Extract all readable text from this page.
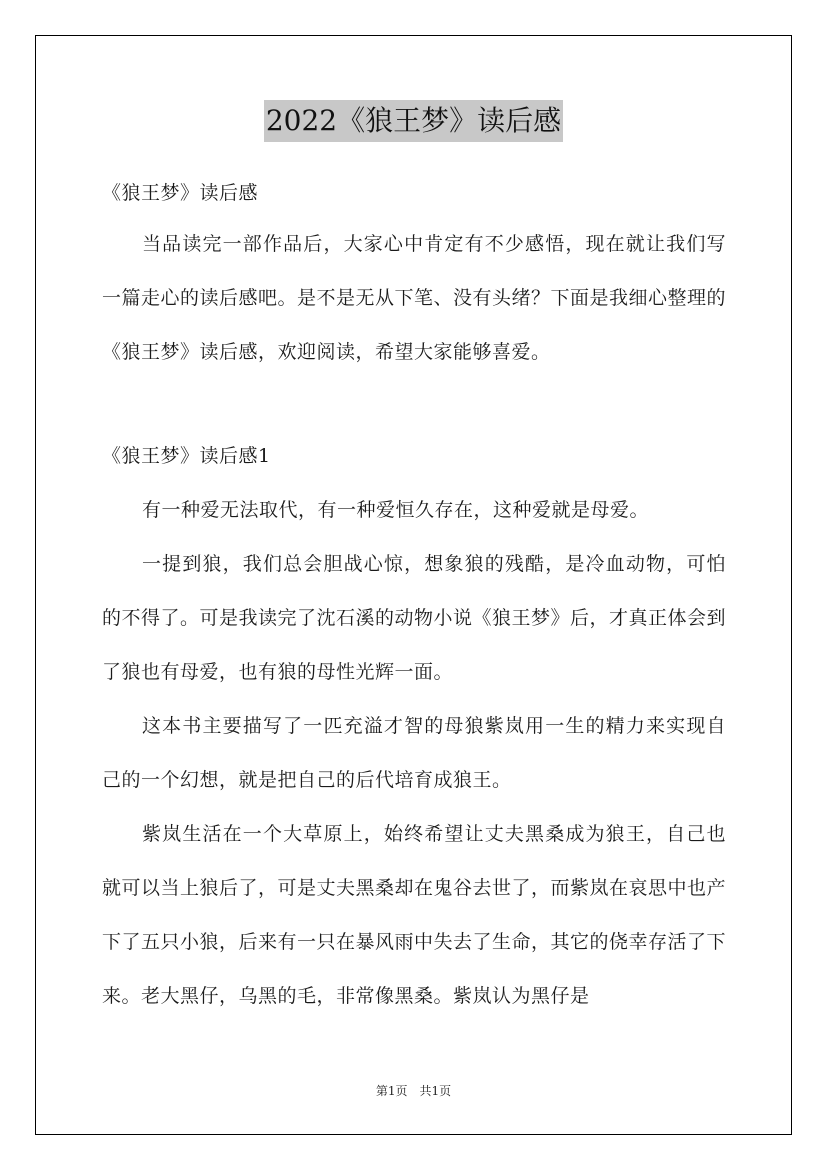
2022《狼王梦》读后感

《狼王梦》读后感

当品读完一部作品后，大家心中肯定有不少感悟，现在就让我们写一篇走心的读后感吧。是不是无从下笔、没有头绪？下面是我细心整理的《狼王梦》读后感，欢迎阅读，希望大家能够喜爱。

《狼王梦》读后感1

有一种爱无法取代，有一种爱恒久存在，这种爱就是母爱。

一提到狼，我们总会胆战心惊，想象狼的残酷，是冷血动物，可怕的不得了。可是我读完了沈石溪的动物小说《狼王梦》后，才真正体会到了狼也有母爱，也有狼的母性光辉一面。

这本书主要描写了一匹充溢才智的母狼紫岚用一生的精力来实现自己的一个幻想，就是把自己的后代培育成狼王。

紫岚生活在一个大草原上，始终希望让丈夫黑桑成为狼王，自己也就可以当上狼后了，可是丈夫黑桑却在鬼谷去世了，而紫岚在哀思中也产下了五只小狼，后来有一只在暴风雨中失去了生命，其它的侥幸存活了下来。老大黑仔，乌黑的毛，非常像黑桑。紫岚认为黑仔是

第1页 共1页
